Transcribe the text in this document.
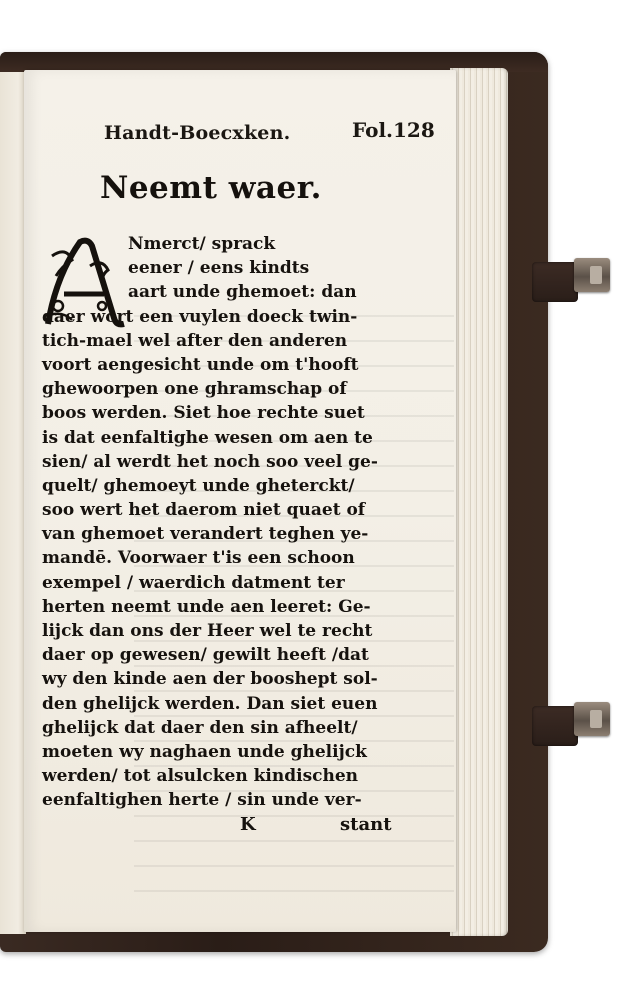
Handt-Boecxken.	Fol.128
Neemt waer.
Nmerct/ sprack
eener / eens kindts
aart unde ghemoet: dan
daer wort een vuylen doeck twin-
tich-mael wel after den anderen
voort aengesicht unde om t'hooft
ghewoorpen one ghramschap of
boos werden. Siet hoe rechte suet
is dat eenfaltighe wesen om aen te
sien/ al werdt het noch soo veel ge-
quelt/ ghemoeyt unde gheterckt/
soo wert het daerom niet quaet of
van ghemoet verandert teghen ye-
mandē. Voorwaer t'is een schoon
exempel / waerdich datment ter
herten neemt unde aen leeret: Ge-
lijck dan ons der Heer wel te recht
daer op gewesen/ gewilt heeft /dat
wy den kinde aen der booshept sol-
den ghelijck werden. Dan siet euen
ghelijck dat daer den sin afheelt/
moeten wy naghaen unde ghelijck
werden/ tot alsulcken kindischen
eenfaltighen herte / sin unde ver-
K	stant
